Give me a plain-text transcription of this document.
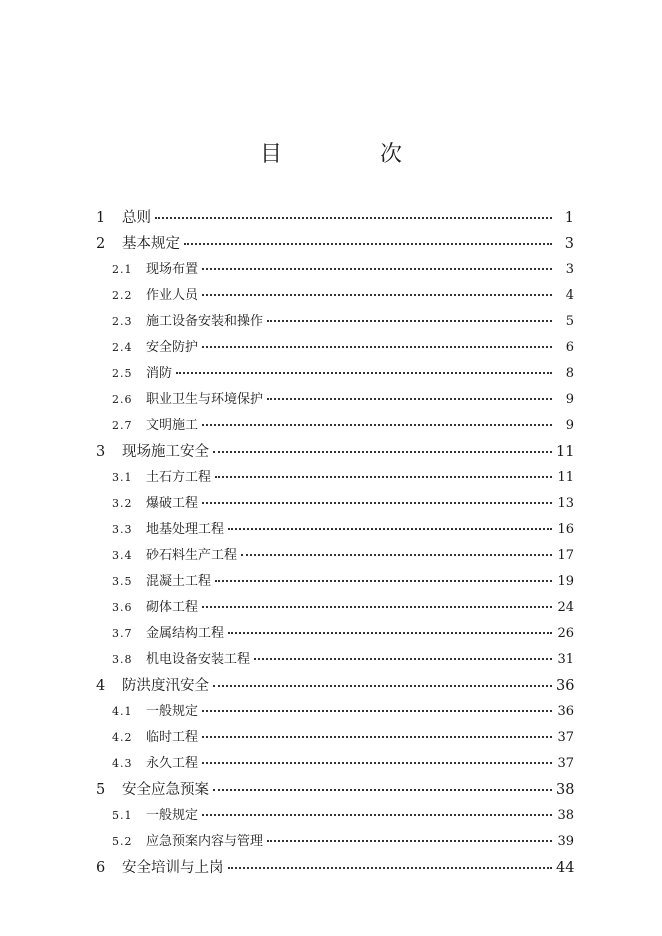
目　次
1	总则	1
2	基本规定	3
2.1	现场布置	3
2.2	作业人员	4
2.3	施工设备安装和操作	5
2.4	安全防护	6
2.5	消防	8
2.6	职业卫生与环境保护	9
2.7	文明施工	9
3	现场施工安全	11
3.1	土石方工程	11
3.2	爆破工程	13
3.3	地基处理工程	16
3.4	砂石料生产工程	17
3.5	混凝土工程	19
3.6	砌体工程	24
3.7	金属结构工程	26
3.8	机电设备安装工程	31
4	防洪度汛安全	36
4.1	一般规定	36
4.2	临时工程	37
4.3	永久工程	37
5	安全应急预案	38
5.1	一般规定	38
5.2	应急预案内容与管理	39
6	安全培训与上岗	44
